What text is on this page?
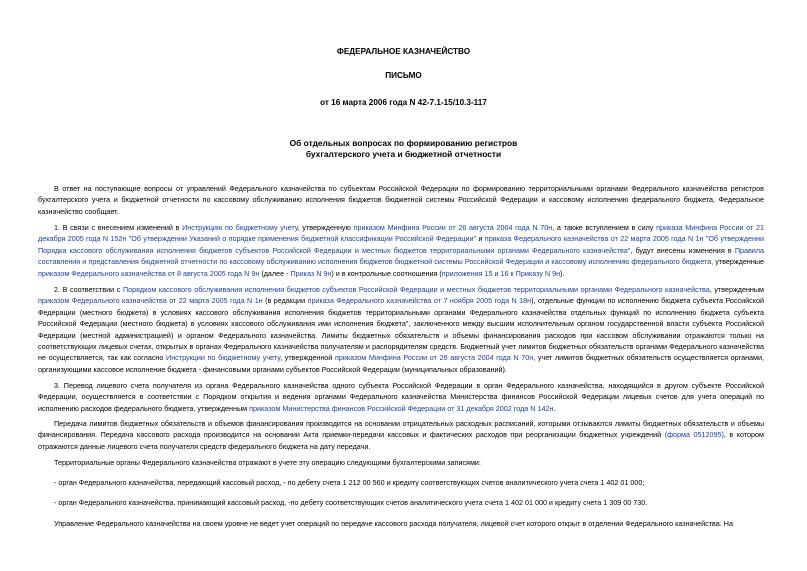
ФЕДЕРАЛЬНОЕ КАЗНАЧЕЙСТВО
ПИСЬМО
от 16 марта 2006 года N 42-7.1-15/10.3-117
Об отдельных вопросах по формированию регистров
бухгалтерского учета и бюджетной отчетности
В ответ на поступающие вопросы от управлений Федерального казначейства по субъектам Российской Федерации по формированию территориальными органами Федерального казначейства регистров бухгалтерского учета и бюджетной отчетности по кассовому обслуживанию исполнения бюджетов бюджетной системы Российской Федерации и кассовому исполнению федерального бюджета, Федеральное казначейство сообщает.
1. В связи с внесением изменений в Инструкцию по бюджетному учету, утвержденную приказом Минфина России от 26 августа 2004 года N 70н, а также вступлением в силу приказа Минфина России от 21 декабря 2005 года N 152н "Об утверждении Указаний о порядке применения бюджетной классификации Российской Федерации" и приказа Федерального казначейства от 22 марта 2005 года N 1н "Об утверждении Порядка кассового обслуживания исполнения бюджетов субъектов Российской Федерации и местных бюджетов территориальными органами Федерального казначейства", будут внесены изменения в Правила составления и представления бюджетной отчетности по кассовому обслуживанию исполнения бюджетов бюджетной системы Российской Федерации и кассовому исполнению федерального бюджета, утвержденные приказом Федерального казначейства от 8 августа 2005 года N 9н (далее - Приказ N 9н) и в контрольные соотношения (приложения 15 и 16 к Приказу N 9н).
2. В соответствии с Порядком кассового обслуживания исполнения бюджетов субъектов Российской Федерации и местных бюджетов территориальными органами Федерального казначейства, утвержденным приказом Федерального казначейства от 22 марта 2005 года N 1н (в редакции приказа Федерального казначейства от 7 ноября 2005 года N 18н), отдельные функции по исполнению бюджета субъекта Российской Федерации (местного бюджета) в условиях кассового обслуживания исполнения бюджетов территориальными органами Федерального казначейства отдельных функций по исполнению бюджета субъекта Российской Федерации (местного бюджета) в условиях кассового обслуживания ими исполнения бюджета", заключенного между высшим исполнительным органом государственной власти субъекта Российской Федерации (местной администрацией) и органом Федерального казначейства. Лимиты бюджетных обязательств и объемы финансирования расходов при кассовом обслуживании отражаются только на соответствующих лицевых счетах, открытых в органах Федерального казначейства получателям и распорядителям средств. Бюджетный учет лимитов бюджетных обязательств органами Федерального казначейства не осуществляется, так как согласно Инструкции по бюджетному учету, утвержденной приказом Минфина России от 26 августа 2004 года N 70н, учет лимитов бюджетных обязательств осуществляется органами, организующими кассовое исполнение бюджета - финансовыми органами субъектов Российской Федерации (муниципальных образований).
3. Перевод лицевого счета получателя из органа Федерального казначейства одного субъекта Российской Федерации в орган Федерального казначейства, находящийся в другом субъекте Российской Федерации, осуществляется в соответствии с Порядком открытия и ведения органами Федерального казначейства Министерства финансов Российской Федерации лицевых счетов для учета операций по исполнению расходов федерального бюджета, утвержденным приказом Министерства финансов Российской Федерации от 31 декабря 2002 года N 142н.
Передача лимитов бюджетных обязательств и объемов финансирования производится на основании отрицательных расходных расписаний, которыми отзываются лимиты бюджетных обязательств и объемы финансирования. Передача кассового расхода производится на основании Акта приемки-передачи кассовых и фактических расходов при реорганизации бюджетных учреждений (форма 0512095), в котором отражаются данные лицевого счета получателя средств федерального бюджета на дату передачи.
Территориальные органы Федерального казначейства отражают в учете эту операцию следующими бухгалтерскими записями:
- орган Федерального казначейства, передающий кассовый расход, - по дебету счета 1 212 00 560 и кредиту соответствующих счетов аналитического учета счета 1 402 01 000;
- орган Федерального казначейства, принимающий кассовый расход, -по дебету соответствующих счетов аналитического учета счета 1 402 01 000 и кредиту счета 1 309 00 730.
Управление Федерального казначейства на своем уровне не ведет учет операций по передаче кассового расхода получателя, лицевой счет которого открыт в отделении Федерального казначейства. На
